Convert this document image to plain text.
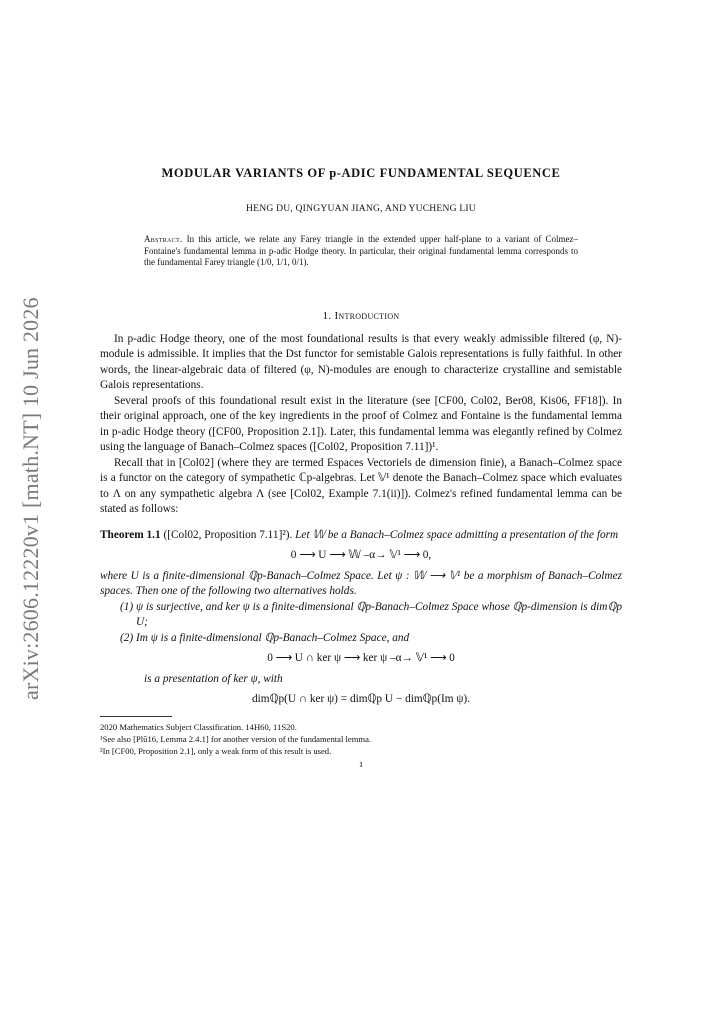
arXiv:2606.12220v1 [math.NT] 10 Jun 2026
MODULAR VARIANTS OF p-ADIC FUNDAMENTAL SEQUENCE
HENG DU, QINGYUAN JIANG, AND YUCHENG LIU
Abstract. In this article, we relate any Farey triangle in the extended upper half-plane to a variant of Colmez–Fontaine's fundamental lemma in p-adic Hodge theory. In particular, their original fundamental lemma corresponds to the fundamental Farey triangle (1/0, 1/1, 0/1).
1. Introduction

In p-adic Hodge theory, one of the most foundational results is that every weakly admissible filtered (φ, N)-module is admissible. It implies that the Dst functor for semistable Galois representations is fully faithful. In other words, the linear-algebraic data of filtered (φ, N)-modules are enough to characterize crystalline and semistable Galois representations.

Several proofs of this foundational result exist in the literature (see [CF00, Col02, Ber08, Kis06, FF18]). In their original approach, one of the key ingredients in the proof of Colmez and Fontaine is the fundamental lemma in p-adic Hodge theory ([CF00, Proposition 2.1]). Later, this fundamental lemma was elegantly refined by Colmez using the language of Banach–Colmez spaces ([Col02, Proposition 7.11])¹.

Recall that in [Col02] (where they are termed Espaces Vectoriels de dimension finie), a Banach–Colmez space is a functor on the category of sympathetic ℂp-algebras. Let 𝕍¹ denote the Banach–Colmez space which evaluates to Λ on any sympathetic algebra Λ (see [Col02, Example 7.1(ii)]). Colmez's refined fundamental lemma can be stated as follows:

Theorem 1.1 ([Col02, Proposition 7.11]²). Let 𝕎 be a Banach–Colmez space admitting a presentation of the form
0 ⟶ U ⟶ 𝕎 –α→ 𝕍¹ ⟶ 0,
where U is a finite-dimensional ℚp-Banach–Colmez Space. Let ψ : 𝕎 ⟶ 𝕍¹ be a morphism of Banach–Colmez spaces. Then one of the following two alternatives holds.
(1) ψ is surjective, and ker ψ is a finite-dimensional ℚp-Banach–Colmez Space whose ℚp-dimension is dimℚp U;
(2) Im ψ is a finite-dimensional ℚp-Banach–Colmez Space, and
0 ⟶ U ∩ ker ψ ⟶ ker ψ –α→ 𝕍¹ ⟶ 0
is a presentation of ker ψ, with
dimℚp(U ∩ ker ψ) = dimℚp U − dimℚp(Im ψ).
2020 Mathematics Subject Classification. 14H60, 11S20.
¹See also [Plû16, Lemma 2.4.1] for another version of the fundamental lemma.
²In [CF00, Proposition 2.1], only a weak form of this result is used.
1
